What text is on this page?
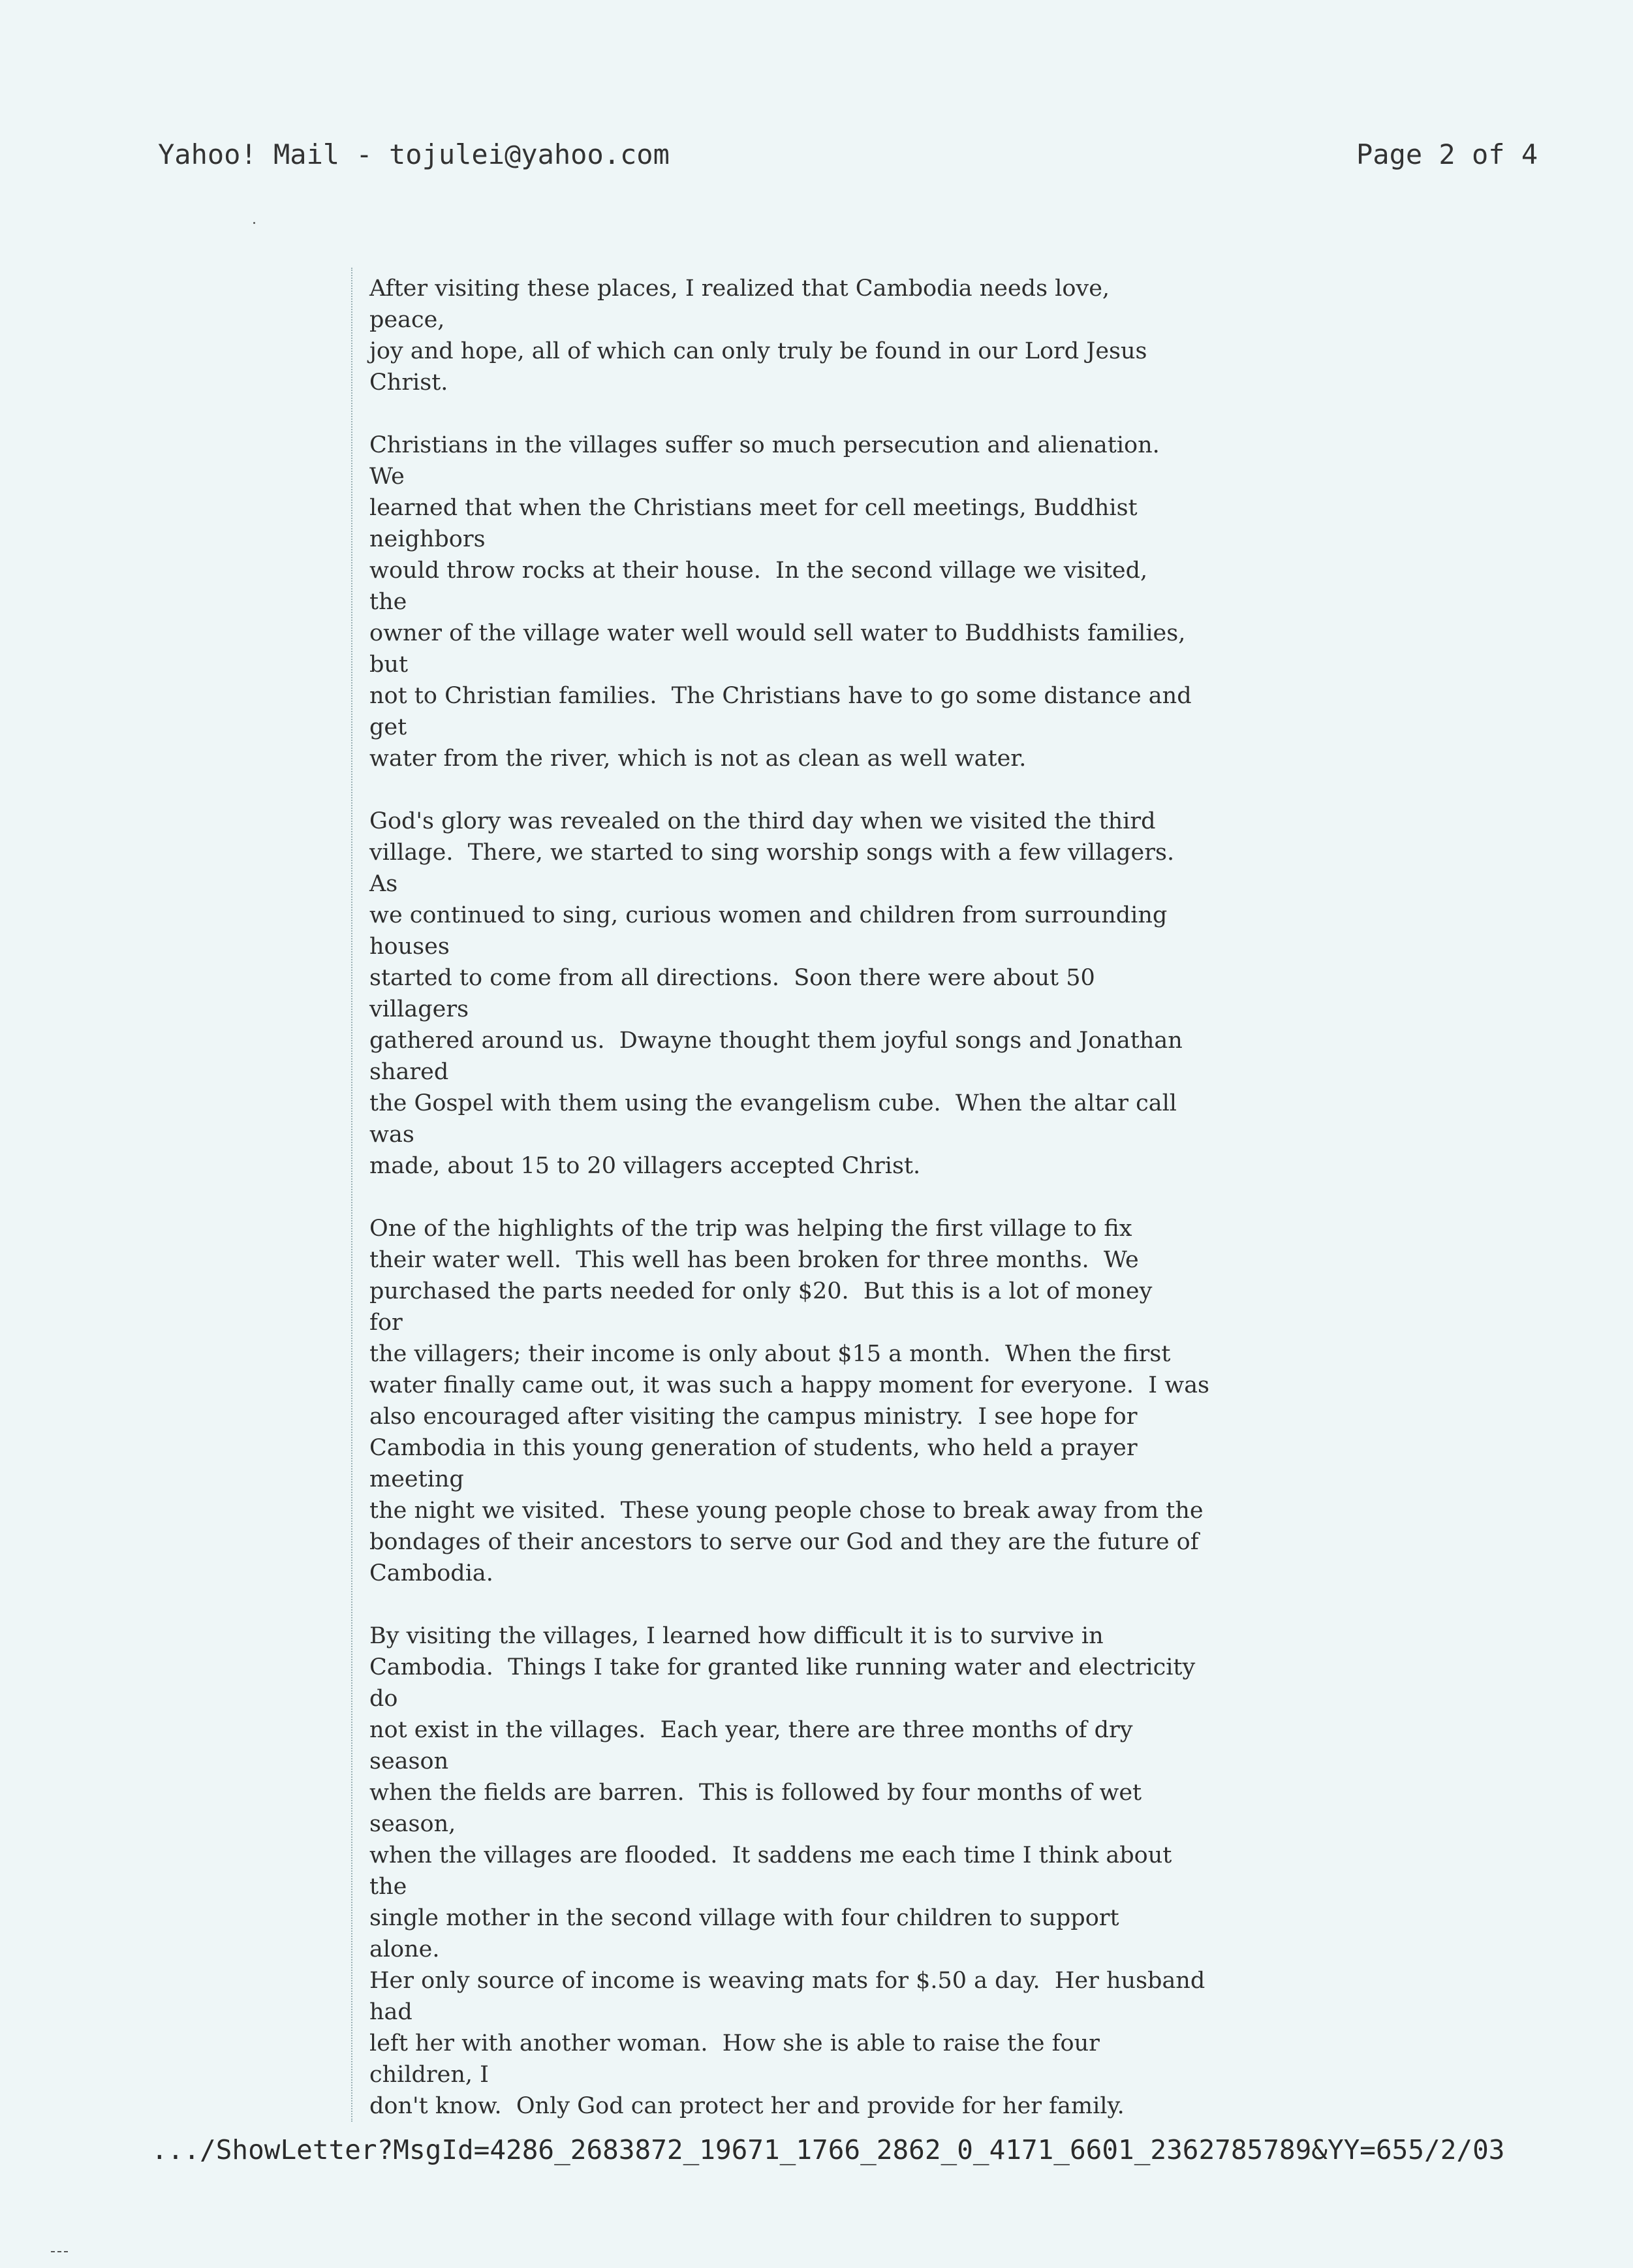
Yahoo! Mail - tojulei@yahoo.com	Page 2 of 4
After visiting these places, I realized that Cambodia needs love,
peace,
joy and hope, all of which can only truly be found in our Lord Jesus
Christ.
Christians in the villages suffer so much persecution and alienation.
We
learned that when the Christians meet for cell meetings, Buddhist
neighbors
would throw rocks at their house.  In the second village we visited,
the
owner of the village water well would sell water to Buddhists families,
but
not to Christian families.  The Christians have to go some distance and
get
water from the river, which is not as clean as well water.
God's glory was revealed on the third day when we visited the third
village.  There, we started to sing worship songs with a few villagers.
As
we continued to sing, curious women and children from surrounding
houses
started to come from all directions.  Soon there were about 50
villagers
gathered around us.  Dwayne thought them joyful songs and Jonathan
shared
the Gospel with them using the evangelism cube.  When the altar call
was
made, about 15 to 20 villagers accepted Christ.
One of the highlights of the trip was helping the first village to fix
their water well.  This well has been broken for three months.  We
purchased the parts needed for only $20.  But this is a lot of money
for
the villagers; their income is only about $15 a month.  When the first
water finally came out, it was such a happy moment for everyone.  I was
also encouraged after visiting the campus ministry.  I see hope for
Cambodia in this young generation of students, who held a prayer
meeting
the night we visited.  These young people chose to break away from the
bondages of their ancestors to serve our God and they are the future of
Cambodia.
By visiting the villages, I learned how difficult it is to survive in
Cambodia.  Things I take for granted like running water and electricity
do
not exist in the villages.  Each year, there are three months of dry
season
when the fields are barren.  This is followed by four months of wet
season,
when the villages are flooded.  It saddens me each time I think about
the
single mother in the second village with four children to support
alone.
Her only source of income is weaving mats for $.50 a day.  Her husband
had
left her with another woman.  How she is able to raise the four
children, I
don't know.  Only God can protect her and provide for her family.
.../ShowLetter?MsgId=4286_2683872_19671_1766_2862_0_4171_6601_2362785789&YY=655/2/03
